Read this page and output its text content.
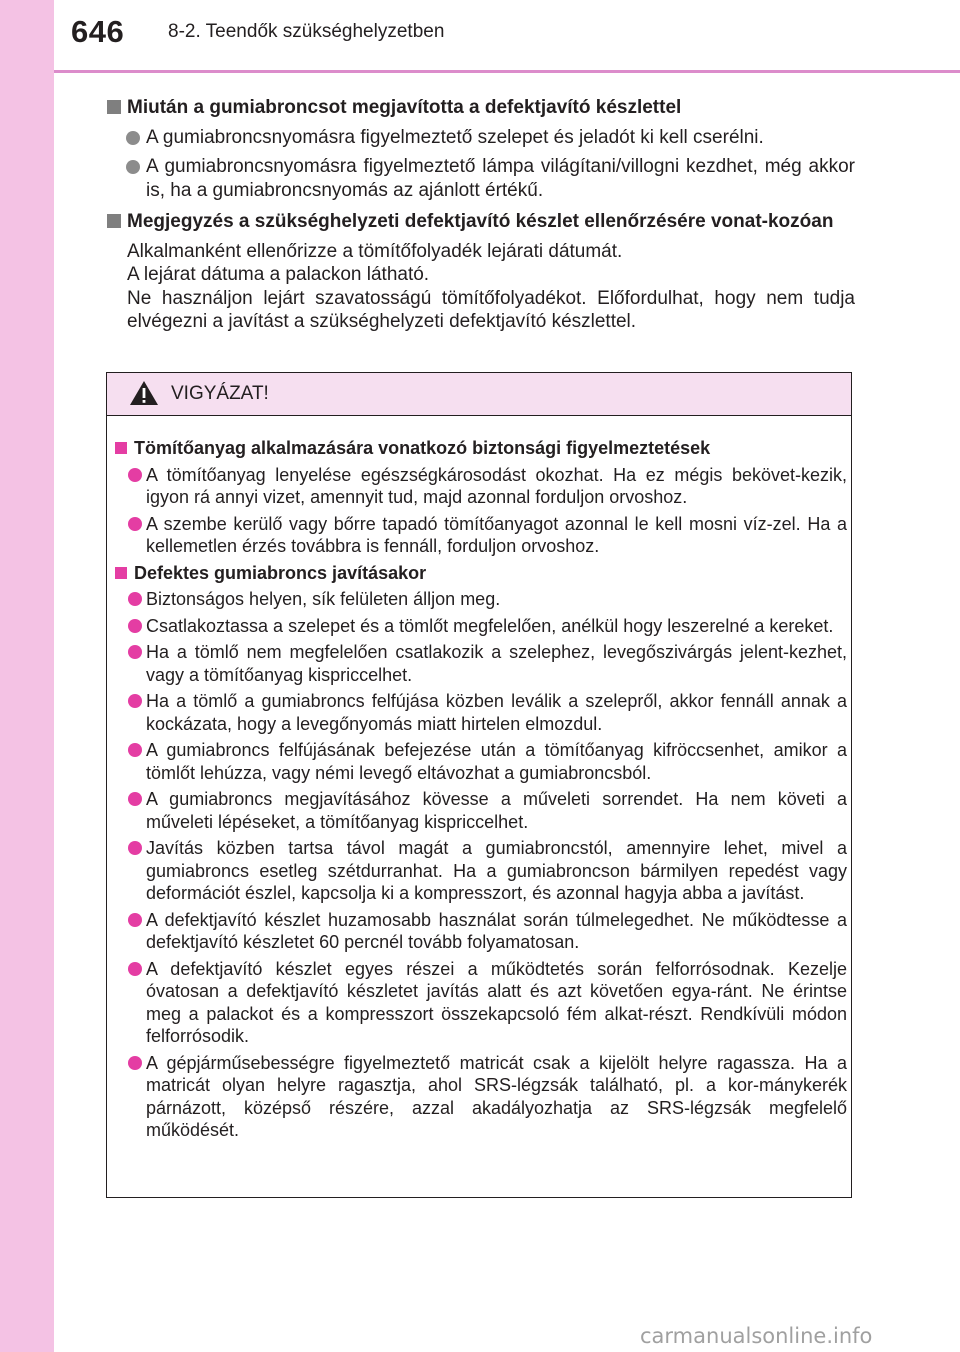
646 8-2. Teendők szükséghelyzetben
Miután a gumiabroncsot megjavította a defektjavító készlettel
A gumiabroncsnyomásra figyelmeztető szelepet és jeladót ki kell cserélni.
A gumiabroncsnyomásra figyelmeztető lámpa világítani/villogni kezdhet, még akkor is, ha a gumiabroncsnyomás az ajánlott értékű.
Megjegyzés a szükséghelyzeti defektjavító készlet ellenőrzésére vonat-kozóan
Alkalmanként ellenőrizze a tömítőfolyadék lejárati dátumát.
A lejárat dátuma a palackon látható.
Ne használjon lejárt szavatosságú tömítőfolyadékot. Előfordulhat, hogy nem tudja elvégezni a javítást a szükséghelyzeti defektjavító készlettel.
VIGYÁZAT!
Tömítőanyag alkalmazására vonatkozó biztonsági figyelmeztetések
A tömítőanyag lenyelése egészségkárosodást okozhat. Ha ez mégis bekövet-kezik, igyon rá annyi vizet, amennyit tud, majd azonnal forduljon orvoshoz.
A szembe kerülő vagy bőrre tapadó tömítőanyagot azonnal le kell mosni víz-zel. Ha a kellemetlen érzés továbbra is fennáll, forduljon orvoshoz.
Defektes gumiabroncs javításakor
Biztonságos helyen, sík felületen álljon meg.
Csatlakoztassa a szelepet és a tömlőt megfelelően, anélkül hogy leszerelné a kereket.
Ha a tömlő nem megfelelően csatlakozik a szelephez, levegőszivárgás jelent-kezhet, vagy a tömítőanyag kispriccelhet.
Ha a tömlő a gumiabroncs felfújása közben leválik a szelepről, akkor fennáll annak a kockázata, hogy a levegőnyomás miatt hirtelen elmozdul.
A gumiabroncs felfújásának befejezése után a tömítőanyag kifröccsenhet, amikor a tömlőt lehúzza, vagy némi levegő eltávozhat a gumiabroncsból.
A gumiabroncs megjavításához kövesse a műveleti sorrendet. Ha nem követi a műveleti lépéseket, a tömítőanyag kispriccelhet.
Javítás közben tartsa távol magát a gumiabroncstól, amennyire lehet, mivel a gumiabroncs esetleg szétdurranhat. Ha a gumiabroncson bármilyen repedést vagy deformációt észlel, kapcsolja ki a kompresszort, és azonnal hagyja abba a javítást.
A defektjavító készlet huzamosabb használat során túlmelegedhet. Ne működtesse a defektjavító készletet 60 percnél tovább folyamatosan.
A defektjavító készlet egyes részei a működtetés során felforrósodnak. Kezelje óvatosan a defektjavító készletet javítás alatt és azt követően egya-ránt. Ne érintse meg a palackot és a kompresszort összekapcsoló fém alkat-részt. Rendkívüli módon felforrósodik.
A gépjárműsebességre figyelmeztető matricát csak a kijelölt helyre ragassza. Ha a matricát olyan helyre ragasztja, ahol SRS-légzsák található, pl. a kor-mánykerék párnázott, középső részére, azzal akadályozhatja az SRS-légzsák megfelelő működését.
carmanualsonline.info
